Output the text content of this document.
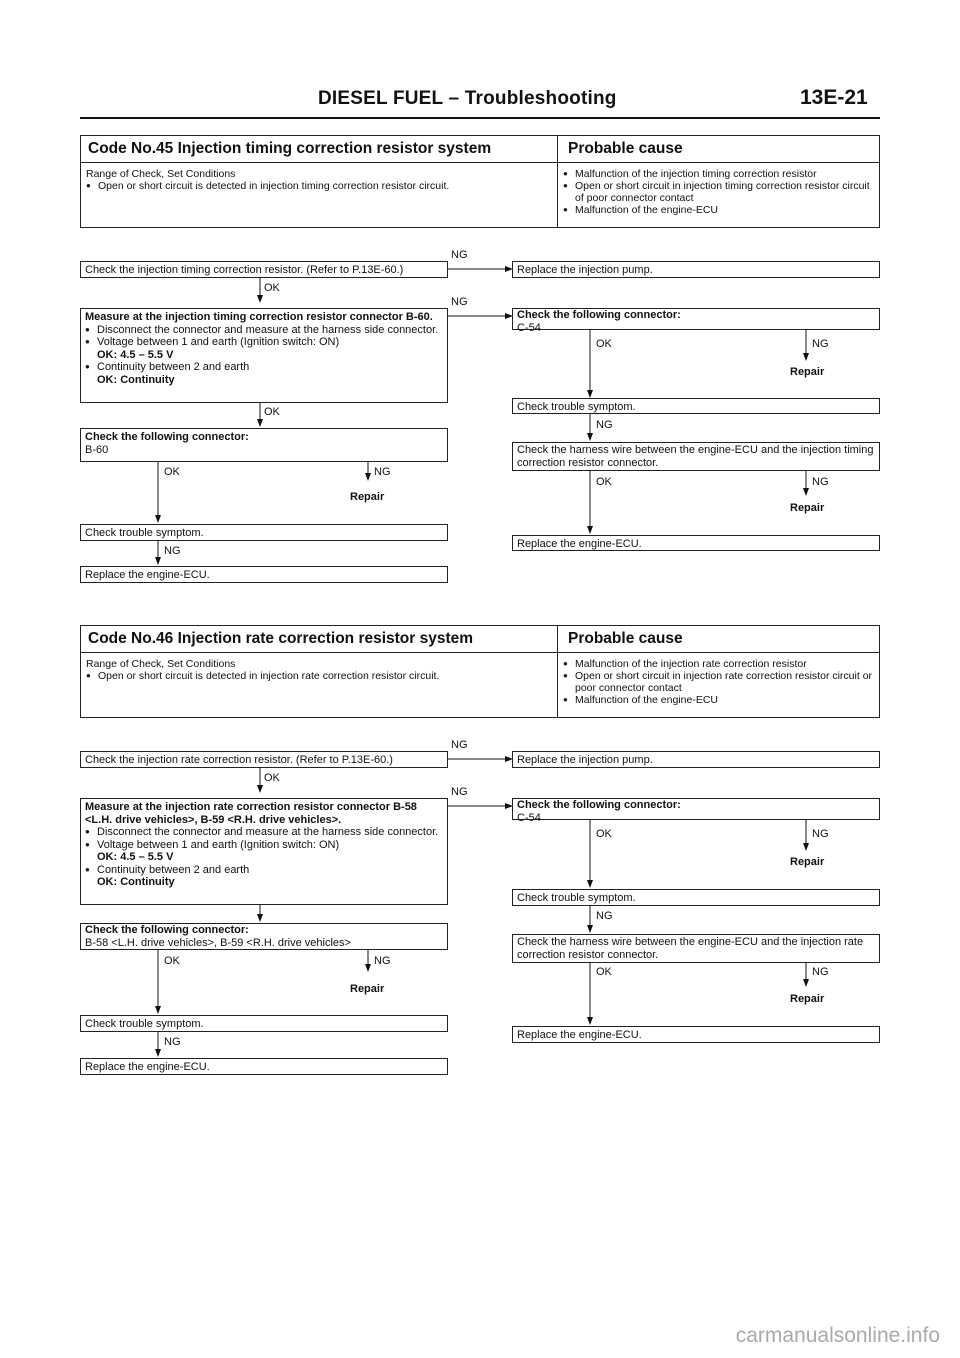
DIESEL FUEL – Troubleshooting	13E-21
Code No.45 Injection timing correction resistor system	Probable cause
Range of Check, Set Conditions
● Open or short circuit is detected in injection timing correction resistor circuit.
● Malfunction of the injection timing correction resistor
● Open or short circuit in injection timing correction resistor circuit of poor connector contact
● Malfunction of the engine-ECU
NG
Check the injection timing correction resistor. (Refer to P.13E-60.)	Replace the injection pump.
OK
NG
Measure at the injection timing correction resistor connector B-60.
● Disconnect the connector and measure at the harness side connector.
● Voltage between 1 and earth (Ignition switch: ON)
OK: 4.5 – 5.5 V
● Continuity between 2 and earth
OK: Continuity
Check the following connector:
C-54
OK	NG
Repair
OK
Check the following connector:
B-60
OK	NG
Repair
Check trouble symptom.
NG
Replace the engine-ECU.
Check trouble symptom.
NG
Check the harness wire between the engine-ECU and the injection timing correction resistor connector.
OK	NG
Repair
Replace the engine-ECU.
Code No.46 Injection rate correction resistor system	Probable cause
Range of Check, Set Conditions
● Open or short circuit is detected in injection rate correction resistor circuit.
● Malfunction of the injection rate correction resistor
● Open or short circuit in injection rate correction resistor circuit or poor connector contact
● Malfunction of the engine-ECU
NG
Check the injection rate correction resistor. (Refer to P.13E-60.)	Replace the injection pump.
OK
NG
Measure at the injection rate correction resistor connector B-58 <L.H. drive vehicles>, B-59 <R.H. drive vehicles>.
● Disconnect the connector and measure at the harness side connector.
● Voltage between 1 and earth (Ignition switch: ON)
OK: 4.5 – 5.5 V
● Continuity between 2 and earth
OK: Continuity
Check the following connector:
C-54
OK	NG
Repair
Check the following connector:
B-58 <L.H. drive vehicles>, B-59 <R.H. drive vehicles>
OK	NG
Repair
Check trouble symptom.
NG
Replace the engine-ECU.
Check trouble symptom.
NG
Check the harness wire between the engine-ECU and the injection rate correction resistor connector.
OK	NG
Repair
Replace the engine-ECU.
carmanualsonline.info
